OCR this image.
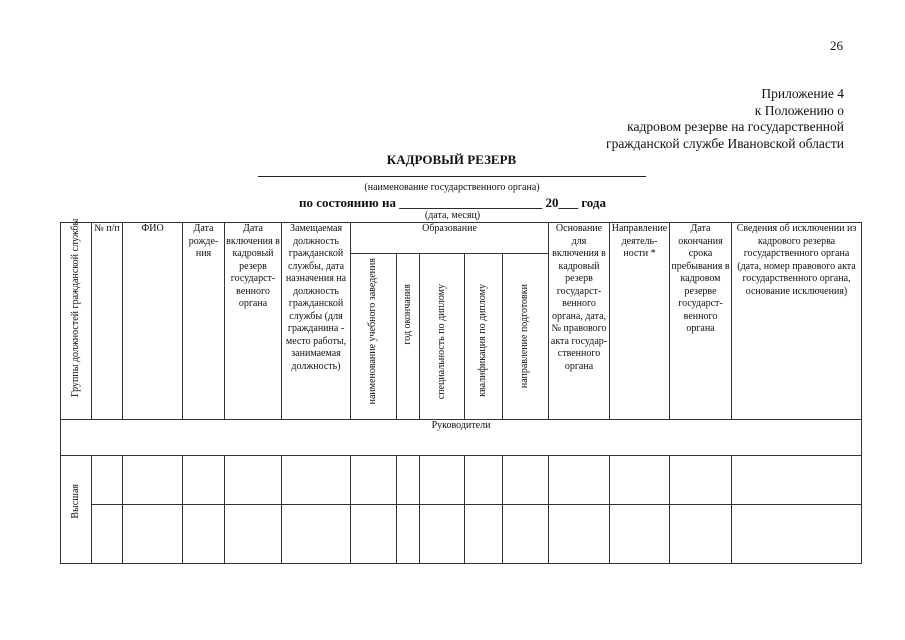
26
Приложение 4
к Положению о
кадровом резерве на государственной
гражданской службе Ивановской области
КАДРОВЫЙ РЕЗЕРВ
(наименование государственного органа)
по состоянию на ______________________ 20___ года
(дата, месяц)
Группы должностей гражданской службы	№ п/п	ФИО	Дата рожде-ния	Дата включения в кадровый резерв государст-венного органа	Замещаемая должность гражданской службы, дата назначения на должность гражданской службы (для гражданина - место работы, занимаемая должность)	Образование					Основание для включения в кадровый резерв государст-венного органа, дата, № правового акта государ-ственного органа	Направление деятель-ности *	Дата окончания срока пребывания в кадровом резерве государст-венного органа	Сведения об исключении из кадрового резерва государственного органа (дата, номер правового акта государственного органа, основание исключения)

						наименование учебного заведения	год окончания	специальность по диплому	квалификация по диплому	направление подготовки				

Руководители														

Высшая														
